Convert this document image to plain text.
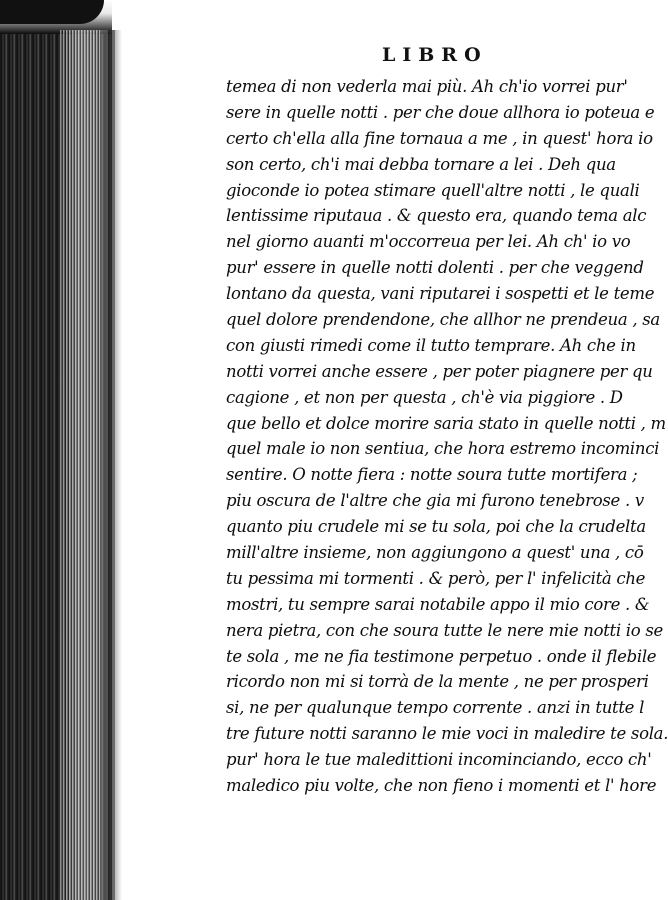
LIBRO
temea di non vederla mai più. Ah ch'io vorrei pur'
sere in quelle notti . per che doue allhora io poteua e
certo ch'ella alla fine tornaua a me , in quest' hora io
son certo, ch'i mai debba tornare a lei . Deh qua
gioconde io potea stimare quell'altre notti , le quali
lentissime riputaua . & questo era, quando tema alc
nel giorno auanti m'occorreua per lei. Ah ch' io vo
pur' essere in quelle notti dolenti . per che veggend
lontano da questa, vani riputarei i sospetti et le teme
quel dolore prendendone, che allhor ne prendeua , sa
con giusti rimedi come il tutto temprare. Ah che in
notti vorrei anche essere , per poter piagnere per qu
cagione , et non per questa , ch'è via piggiore . D
que bello et dolce morire saria stato in quelle notti , m
quel male io non sentiua, che hora estremo incominci
sentire. O notte fiera : notte soura tutte mortifera ;
piu oscura de l'altre che gia mi furono tenebrose . v
quanto piu crudele mi se tu sola, poi che la crudelta
mill'altre insieme, non aggiungono a quest' una , cō
tu pessima mi tormenti . & però, per l' infelicità che
mostri, tu sempre sarai notabile appo il mio core . &
nera pietra, con che soura tutte le nere mie notti io se
te sola , me ne fia testimone perpetuo . onde il flebile
ricordo non mi si torrà de la mente , ne per prosperi
si, ne per qualunque tempo corrente . anzi in tutte l
tre future notti saranno le mie voci in maledire te sola.
pur' hora le tue maledittioni incominciando, ecco ch'
maledico piu volte, che non fieno i momenti et l' hore
